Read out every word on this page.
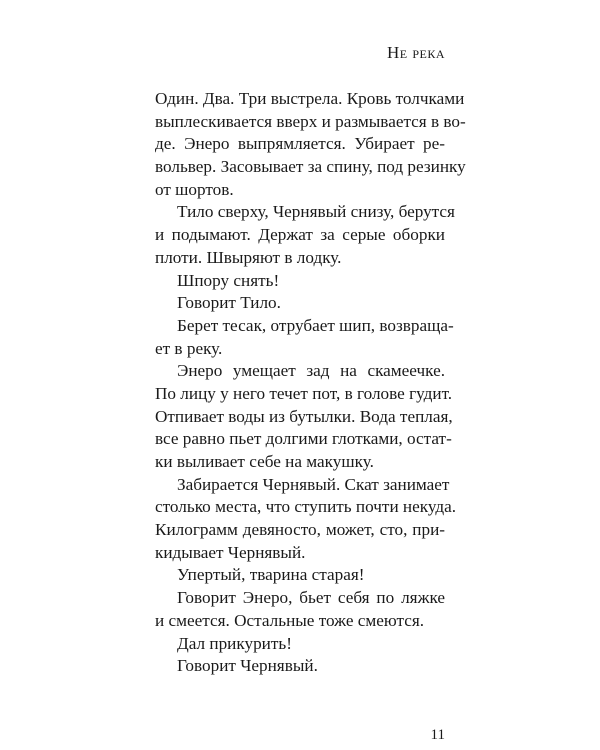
Не река
Один. Два. Три выстрела. Кровь толчками
выплескивается вверх и размывается в во-
де. Энеро выпрямляется. Убирает ре-
вольвер. Засовывает за спину, под резинку
от шортов.
Тило сверху, Чернявый снизу, берутся
и подымают. Держат за серые оборки
плоти. Швыряют в лодку.
Шпору снять!
Говорит Тило.
Берет тесак, отрубает шип, возвраща-
ет в реку.
Энеро умещает зад на скамеечке.
По лицу у него течет пот, в голове гудит.
Отпивает воды из бутылки. Вода теплая,
все равно пьет долгими глотками, остат-
ки выливает себе на макушку.
Забирается Чернявый. Скат занимает
столько места, что ступить почти некуда.
Килограмм девяносто, может, сто, при-
кидывает Чернявый.
Упертый, тварина старая!
Говорит Энеро, бьет себя по ляжке
и смеется. Остальные тоже смеются.
Дал прикурить!
Говорит Чернявый.
11
